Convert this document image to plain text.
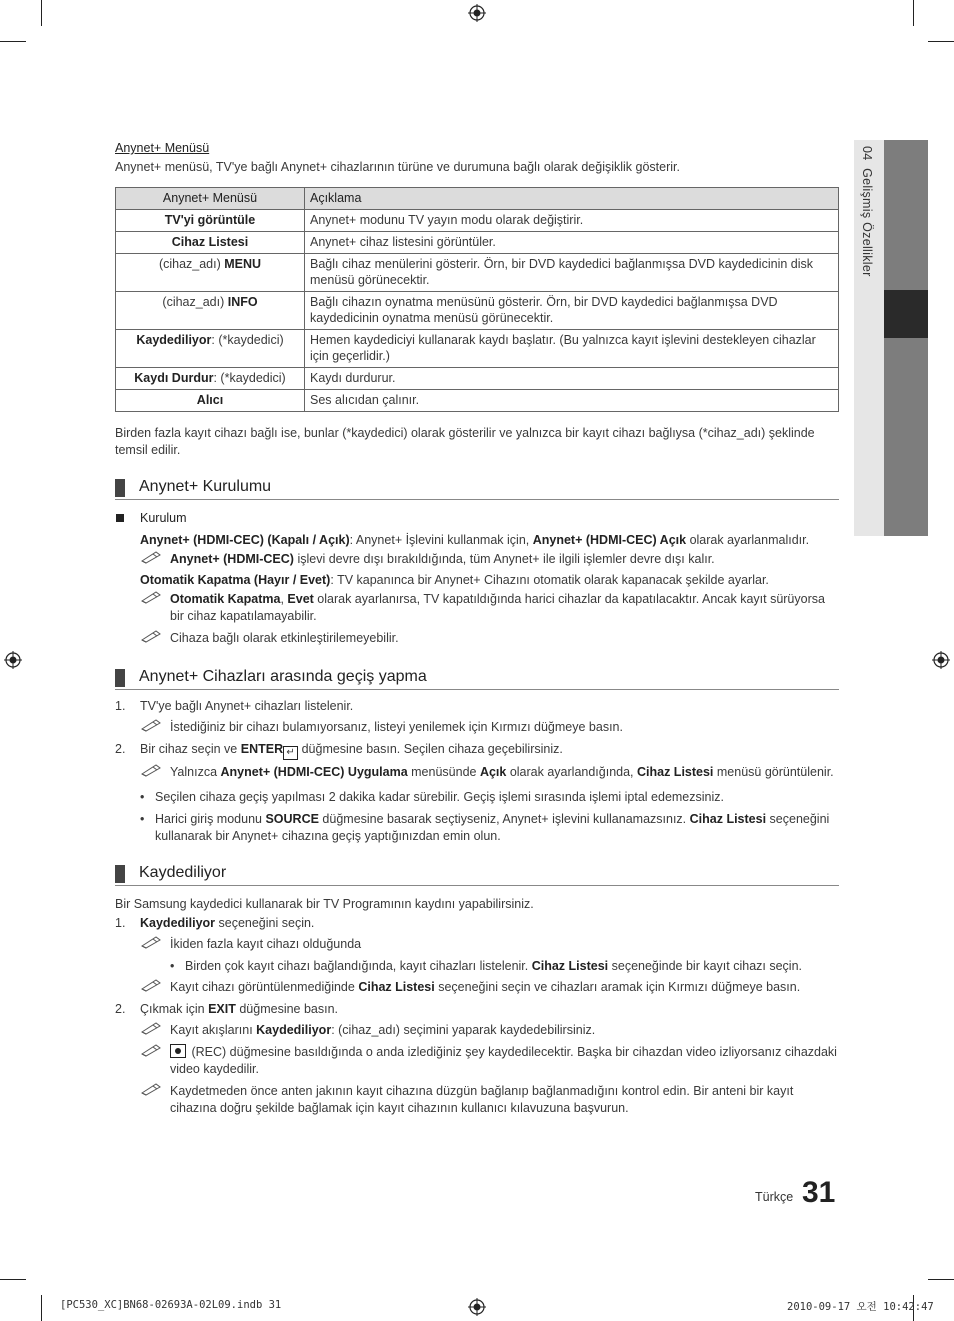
04  Gelişmiş Özellikler
Anynet+ Menüsü
Anynet+ menüsü, TV'ye bağlı Anynet+ cihazlarının türüne ve durumuna bağlı olarak değişiklik gösterir.
Anynet+ Menüsü	Açıklama
TV'yi görüntüle	Anynet+ modunu TV yayın modu olarak değiştirir.
Cihaz Listesi	Anynet+ cihaz listesini görüntüler.
(cihaz_adı) MENU	Bağlı cihaz menülerini gösterir. Örn, bir DVD kaydedici bağlanmışsa DVD kaydedicinin disk menüsü görünecektir.
(cihaz_adı) INFO	Bağlı cihazın oynatma menüsünü gösterir. Örn, bir DVD kaydedici bağlanmışsa DVD kaydedicinin oynatma menüsü görünecektir.
Kaydediliyor: (*kaydedici)	Hemen kaydediciyi kullanarak kaydı başlatır. (Bu yalnızca kayıt işlevini destekleyen cihazlar için geçerlidir.)
Kaydı Durdur: (*kaydedici)	Kaydı durdurur.
Alıcı	Ses alıcıdan çalınır.
Birden fazla kayıt cihazı bağlı ise, bunlar (*kaydedici) olarak gösterilir ve yalnızca bir kayıt cihazı bağlıysa (*cihaz_adı) şeklinde temsil edilir.
Anynet+ Kurulumu
Kurulum
Anynet+ (HDMI-CEC) (Kapalı / Açık): Anynet+ İşlevini kullanmak için, Anynet+ (HDMI-CEC) Açık olarak ayarlanmalıdır.
Anynet+ (HDMI-CEC) işlevi devre dışı bırakıldığında, tüm Anynet+ ile ilgili işlemler devre dışı kalır.
Otomatik Kapatma (Hayır / Evet): TV kapanınca bir Anynet+ Cihazını otomatik olarak kapanacak şekilde ayarlar.
Otomatik Kapatma, Evet olarak ayarlanırsa, TV kapatıldığında harici cihazlar da kapatılacaktır. Ancak kayıt sürüyorsa bir cihaz kapatılamayabilir.
Cihaza bağlı olarak etkinleştirilemeyebilir.
Anynet+ Cihazları arasında geçiş yapma
1. TV'ye bağlı Anynet+ cihazları listelenir.
İstediğiniz bir cihazı bulamıyorsanız, listeyi yenilemek için Kırmızı düğmeye basın.
2. Bir cihaz seçin ve ENTER ↵ düğmesine basın. Seçilen cihaza geçebilirsiniz.
Yalnızca Anynet+ (HDMI-CEC) Uygulama menüsünde Açık olarak ayarlandığında, Cihaz Listesi menüsü görüntülenir.
• Seçilen cihaza geçiş yapılması 2 dakika kadar sürebilir. Geçiş işlemi sırasında işlemi iptal edemezsiniz.
• Harici giriş modunu SOURCE düğmesine basarak seçtiyseniz, Anynet+ işlevini kullanamazsınız. Cihaz Listesi seçeneğini kullanarak bir Anynet+ cihazına geçiş yaptığınızdan emin olun.
Kaydediliyor
Bir Samsung kaydedici kullanarak bir TV Programının kaydını yapabilirsiniz.
1. Kaydediliyor seçeneğini seçin.
İkiden fazla kayıt cihazı olduğunda
• Birden çok kayıt cihazı bağlandığında, kayıt cihazları listelenir. Cihaz Listesi seçeneğinde bir kayıt cihazı seçin.
Kayıt cihazı görüntülenmediğinde Cihaz Listesi seçeneğini seçin ve cihazları aramak için Kırmızı düğmeye basın.
2. Çıkmak için EXIT düğmesine basın.
Kayıt akışlarını Kaydediliyor: (cihaz_adı) seçimini yaparak kaydedebilirsiniz.
(REC) düğmesine basıldığında o anda izlediğiniz şey kaydedilecektir. Başka bir cihazdan video izliyorsanız cihazdaki video kaydedilir.
Kaydetmeden önce anten jakının kayıt cihazına düzgün bağlanıp bağlanmadığını kontrol edin. Bir anteni bir kayıt cihazına doğru şekilde bağlamak için kayıt cihazının kullanıcı kılavuzuna başvurun.
Türkçe 31
[PC530_XC]BN68-02693A-02L09.indb 31	2010-09-17 오전 10:42:47
